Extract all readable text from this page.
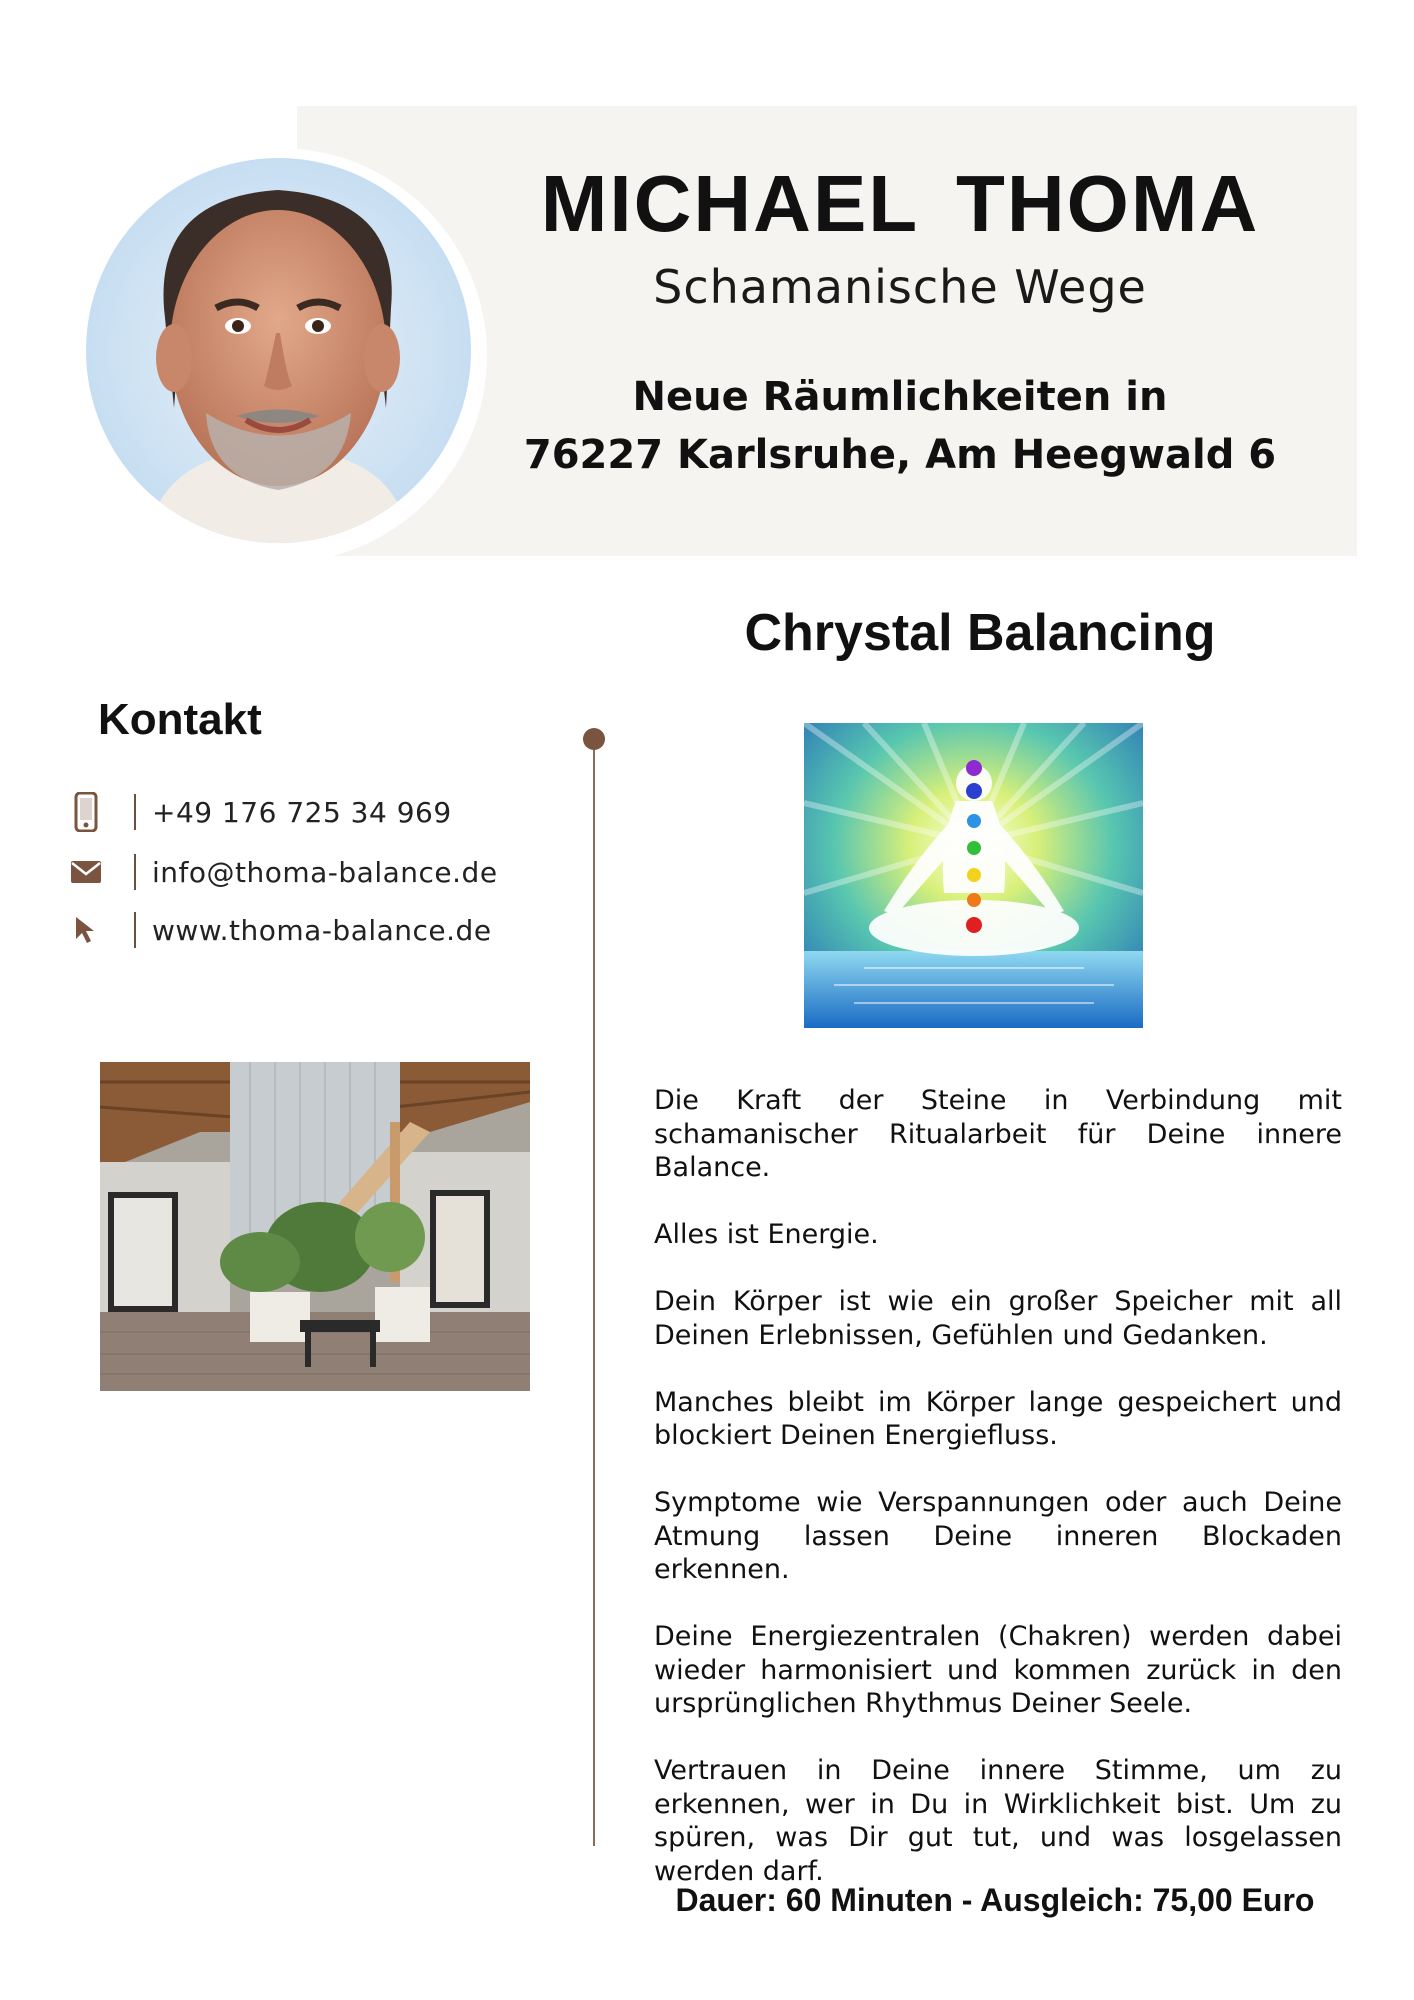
MICHAEL THOMA

Schamanische Wege

Neue Räumlichkeiten in
76227 Karlsruhe, Am Heegwald 6
Chrystal Balancing
Kontakt
+49 176 725 34 969
info@thoma-balance.de
www.thoma-balance.de

Die Kraft der Steine in Verbindung mit schamanischer Ritualarbeit für Deine innere Balance.

Alles ist Energie.

Dein Körper ist wie ein großer Speicher mit all Deinen Erlebnissen, Gefühlen und Gedanken.

Manches bleibt im Körper lange gespeichert und blockiert Deinen Energiefluss.

Symptome wie Verspannungen oder auch Deine Atmung lassen Deine inneren Blockaden erkennen.

Deine Energiezentralen (Chakren) werden dabei wieder harmonisiert und kommen zurück in den ursprünglichen Rhythmus Deiner Seele.

Vertrauen in Deine innere Stimme, um zu erkennen, wer in Du in Wirklichkeit bist. Um zu spüren, was Dir gut tut, und was losgelassen werden darf.

Dauer: 60 Minuten - Ausgleich: 75,00 Euro
